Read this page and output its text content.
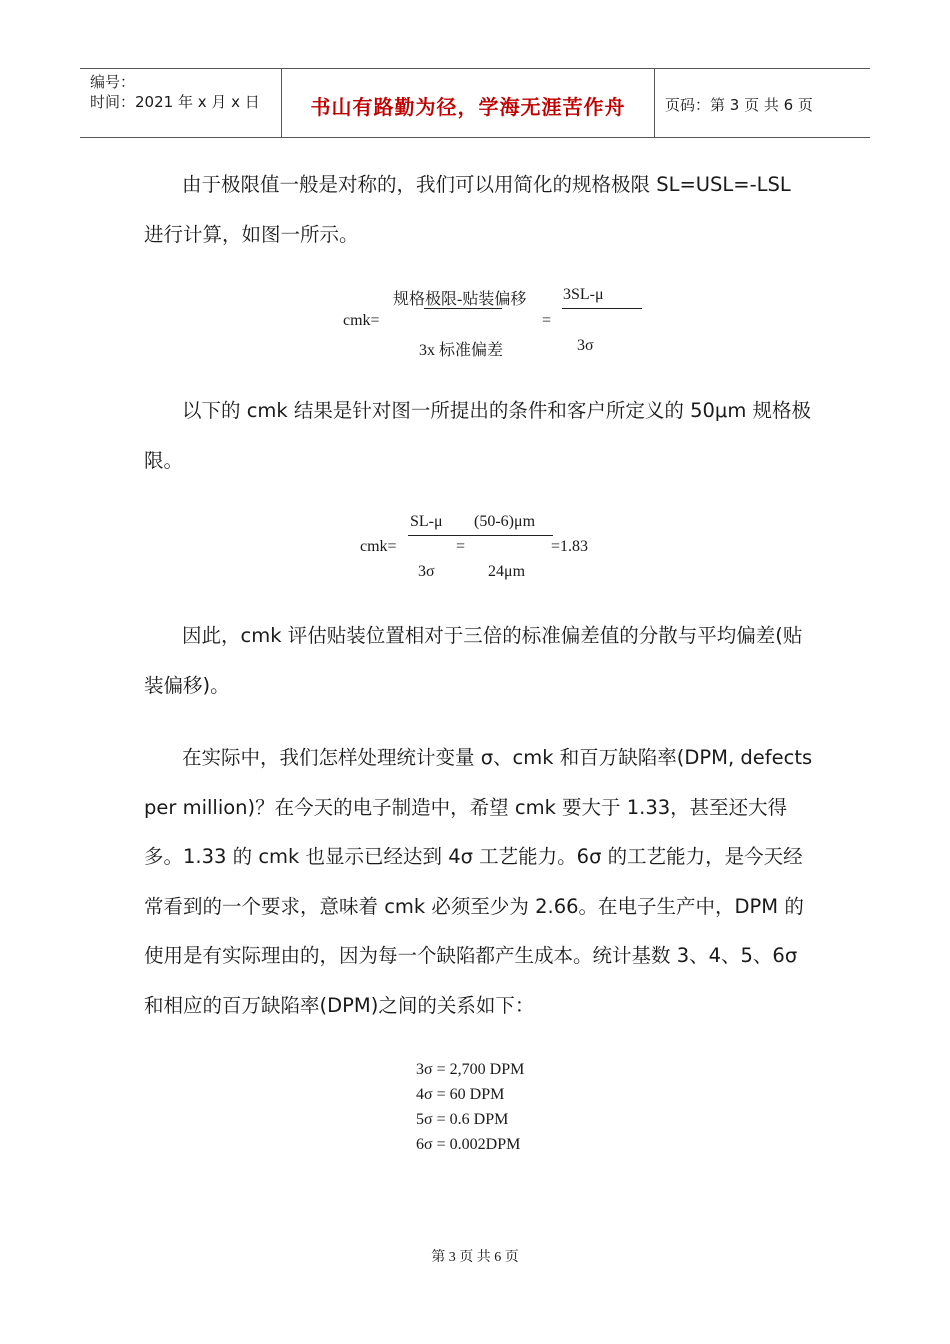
编号：
时间：2021 年 x 月 x 日	书山有路勤为径，学海无涯苦作舟	页码：第 3 页 共 6 页
由于极限值一般是对称的，我们可以用简化的规格极限 SL=USL=-LSL 进行计算，如图一所示。
规格极限-贴装偏移 3SL-μ
cmk=	=
3x 标准偏差	3σ
以下的 cmk 结果是针对图一所提出的条件和客户所定义的 50μm 规格极限。
SL-μ (50-6)μm
cmk=	=	=1.83
3σ	24μm
因此，cmk 评估贴装位置相对于三倍的标准偏差值的分散与平均偏差(贴装偏移)。
在实际中，我们怎样处理统计变量 σ、cmk 和百万缺陷率(DPM, defects per million)？在今天的电子制造中，希望 cmk 要大于 1.33，甚至还大得多。1.33 的 cmk 也显示已经达到 4σ 工艺能力。6σ 的工艺能力，是今天经常看到的一个要求，意味着 cmk 必须至少为 2.66。在电子生产中，DPM 的使用是有实际理由的，因为每一个缺陷都产生成本。统计基数 3、4、5、6σ 和相应的百万缺陷率(DPM)之间的关系如下：
3σ = 2,700 DPM
4σ = 60 DPM
5σ = 0.6 DPM
6σ = 0.002DPM
第 3 页 共 6 页
